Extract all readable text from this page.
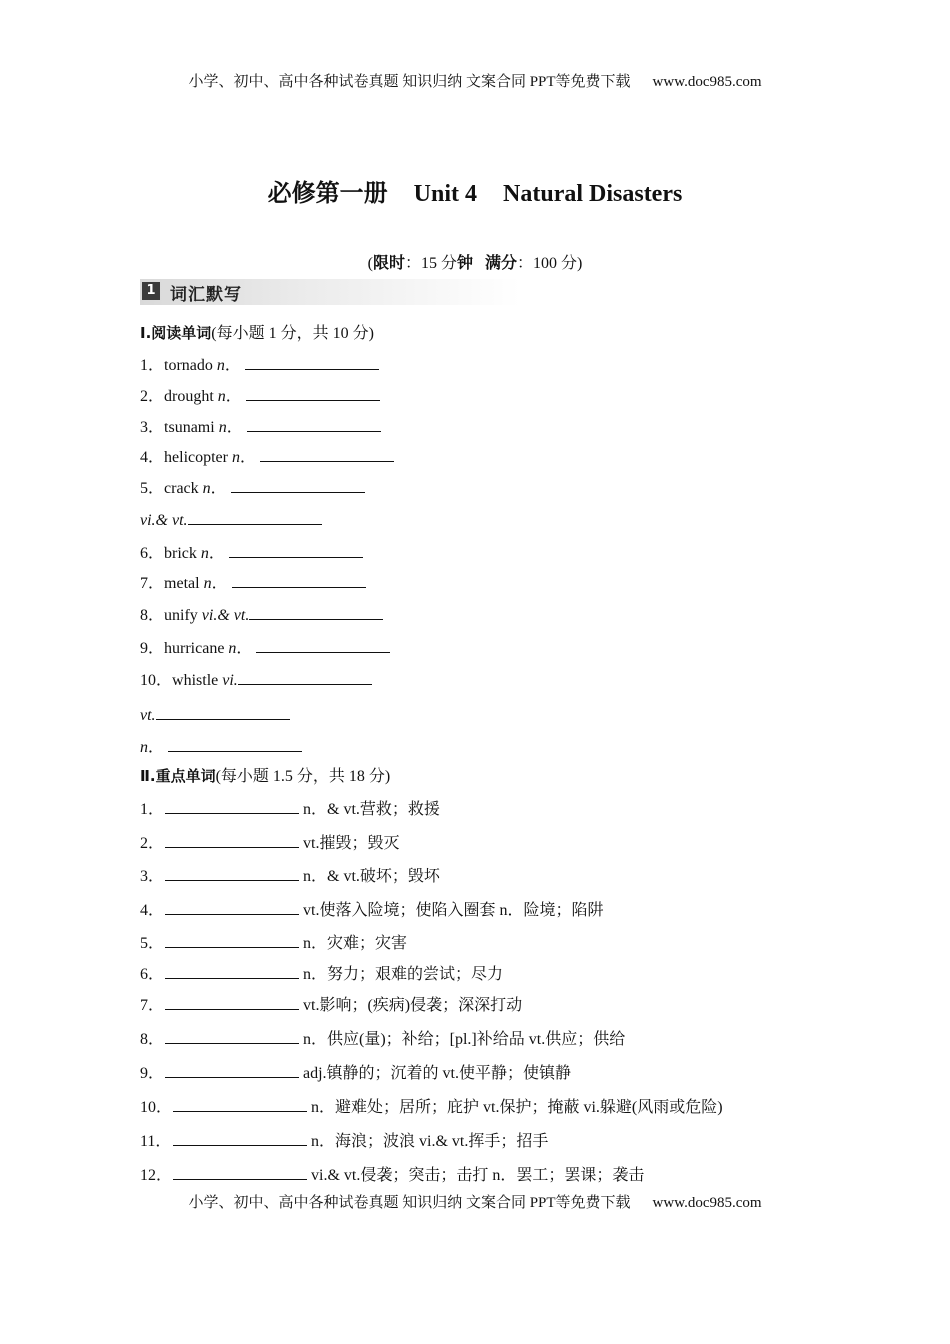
小学、初中、高中各种试卷真题 知识归纳 文案合同 PPT等免费下载 www.doc985.com
必修第一册 Unit 4 Natural Disasters
(限时：15 分钟 满分：100 分)
1 词汇默写
Ⅰ.阅读单词(每小题 1 分，共 10 分)
1．tornado n．
2．drought n．
3．tsunami n．
4．helicopter n．
5．crack n．
vi.& vt.
6．brick n．
7．metal n．
8．unify vi.& vt.
9．hurricane n．
10．whistle vi.
vt.
n．
Ⅱ.重点单词(每小题 1.5 分，共 18 分)
1．	n．& vt.营救；救援
2．	vt.摧毁；毁灭
3．	n．& vt.破坏；毁坏
4．	vt.使落入险境；使陷入圈套 n．险境；陷阱
5．	n．灾难；灾害
6．	n．努力；艰难的尝试；尽力
7．	vt.影响；(疾病)侵袭；深深打动
8．	n．供应(量)；补给；[pl.]补给品 vt.供应；供给
9．	adj.镇静的；沉着的 vt.使平静；使镇静
10．	n．避难处；居所；庇护 vt.保护；掩蔽 vi.躲避(风雨或危险)
11．	n．海浪；波浪 vi.& vt.挥手；招手
12．	vi.& vt.侵袭；突击；击打 n．罢工；罢课；袭击
小学、初中、高中各种试卷真题 知识归纳 文案合同 PPT等免费下载 www.doc985.com
